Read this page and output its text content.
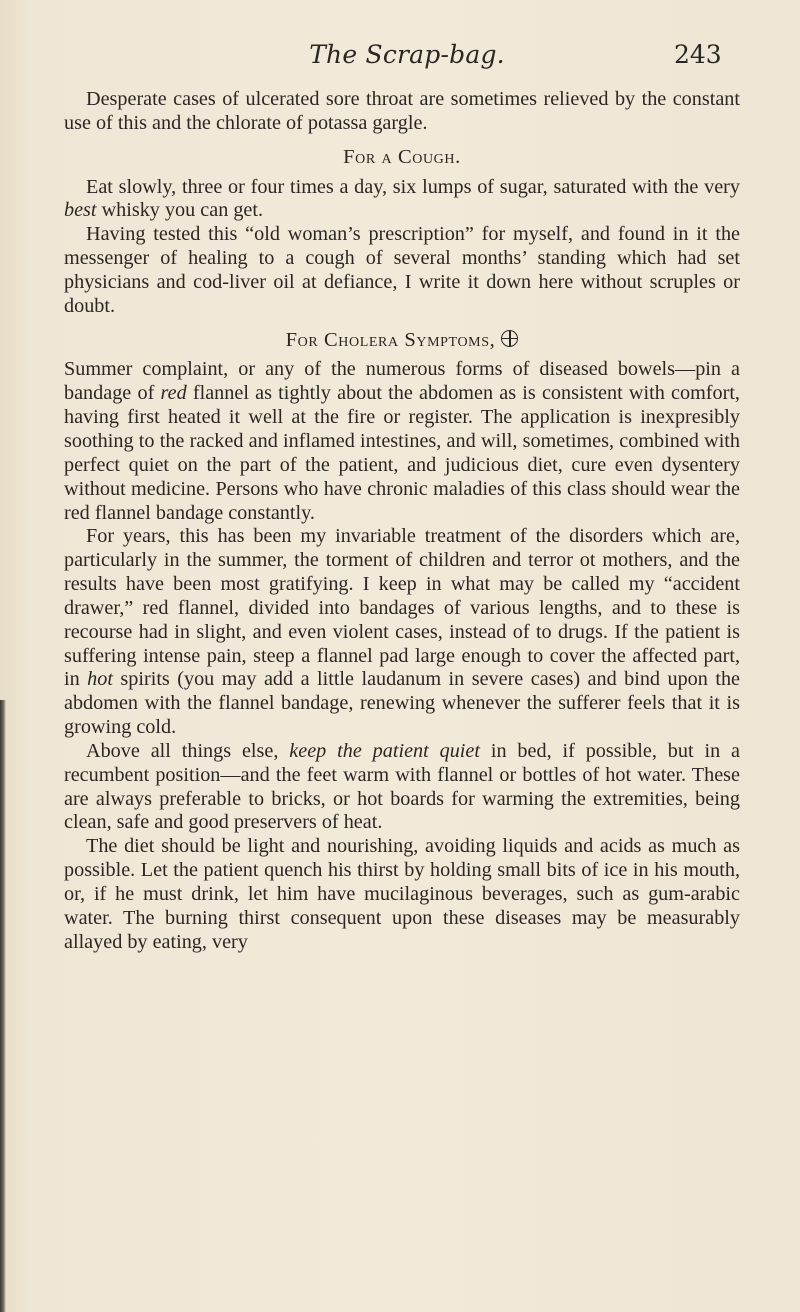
The Scrap-bag.	243

Desperate cases of ulcerated sore throat are sometimes relieved by the constant use of this and the chlorate of potassa gargle.

For a Cough.

Eat slowly, three or four times a day, six lumps of sugar, saturated with the very best whisky you can get.

Having tested this “old woman’s prescription” for myself, and found in it the messenger of healing to a cough of several months’ standing which had set physicians and cod-liver oil at defiance, I write it down here without scruples or doubt.

For Cholera Symptoms,

Summer complaint, or any of the numerous forms of diseased bowels—pin a bandage of red flannel as tightly about the abdomen as is consistent with comfort, having first heated it well at the fire or register. The application is inexpresibly soothing to the racked and inflamed intestines, and will, sometimes, combined with perfect quiet on the part of the patient, and judicious diet, cure even dysentery without medicine. Persons who have chronic maladies of this class should wear the red flannel bandage constantly.

For years, this has been my invariable treatment of the disorders which are, particularly in the summer, the torment of children and terror ot mothers, and the results have been most gratifying. I keep in what may be called my “accident drawer,” red flannel, divided into bandages of various lengths, and to these is recourse had in slight, and even violent cases, instead of to drugs. If the patient is suffering intense pain, steep a flannel pad large enough to cover the affected part, in hot spirits (you may add a little laudanum in severe cases) and bind upon the abdomen with the flannel bandage, renewing whenever the sufferer feels that it is growing cold.

Above all things else, keep the patient quiet in bed, if possible, but in a recumbent position—and the feet warm with flannel or bottles of hot water. These are always preferable to bricks, or hot boards for warming the extremities, being clean, safe and good preservers of heat.

The diet should be light and nourishing, avoiding liquids and acids as much as possible. Let the patient quench his thirst by holding small bits of ice in his mouth, or, if he must drink, let him have mucilaginous beverages, such as gum-arabic water. The burning thirst consequent upon these diseases may be measurably allayed by eating, very
